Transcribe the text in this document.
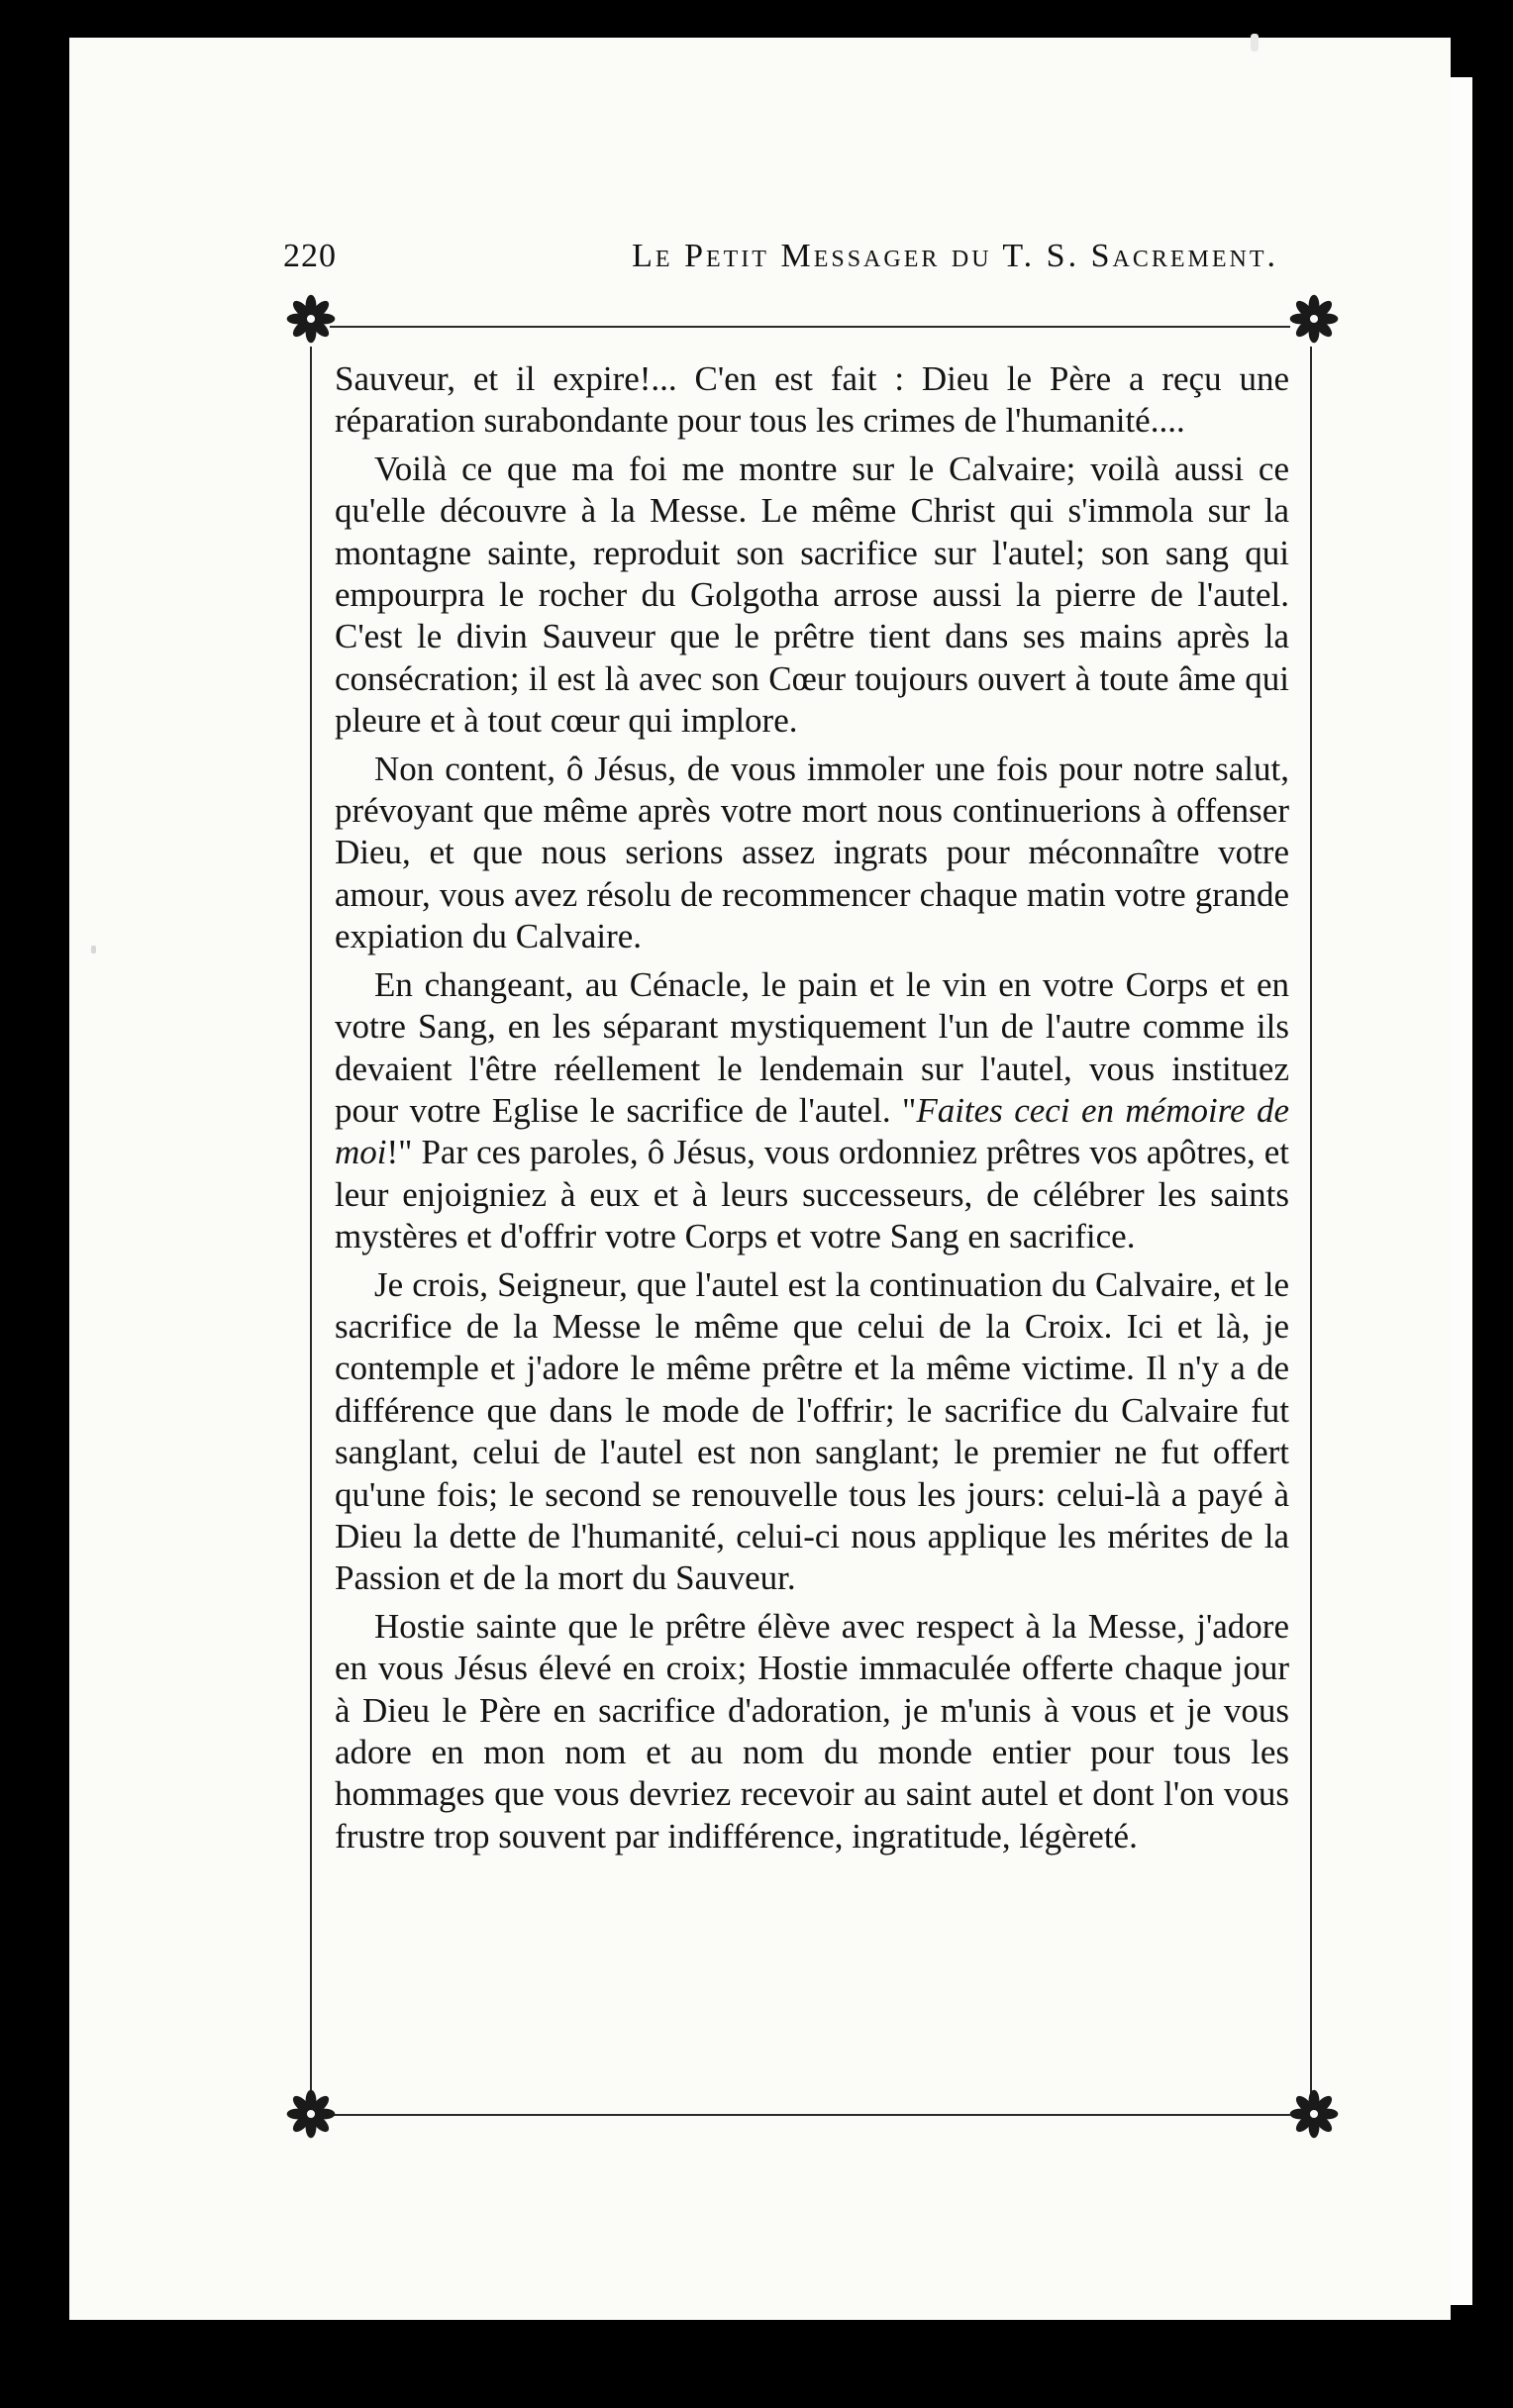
220	Le Petit Messager du T. S. Sacrement.

Sauveur, et il expire!... C'en est fait : Dieu le Père a reçu une réparation surabondante pour tous les crimes de l'humanité....

Voilà ce que ma foi me montre sur le Calvaire; voilà aussi ce qu'elle découvre à la Messe. Le même Christ qui s'immola sur la montagne sainte, reproduit son sacrifice sur l'autel; son sang qui empourpra le rocher du Golgotha arrose aussi la pierre de l'autel. C'est le divin Sauveur que le prêtre tient dans ses mains après la consécration; il est là avec son Cœur toujours ouvert à toute âme qui pleure et à tout cœur qui implore.

Non content, ô Jésus, de vous immoler une fois pour notre salut, prévoyant que même après votre mort nous continuerions à offenser Dieu, et que nous serions assez ingrats pour méconnaître votre amour, vous avez résolu de recommencer chaque matin votre grande expiation du Calvaire.

En changeant, au Cénacle, le pain et le vin en votre Corps et en votre Sang, en les séparant mystiquement l'un de l'autre comme ils devaient l'être réellement le lendemain sur l'autel, vous instituez pour votre Eglise le sacrifice de l'autel. "Faites ceci en mémoire de moi!" Par ces paroles, ô Jésus, vous ordonniez prêtres vos apôtres, et leur enjoigniez à eux et à leurs successeurs, de célébrer les saints mystères et d'offrir votre Corps et votre Sang en sacrifice.

Je crois, Seigneur, que l'autel est la continuation du Calvaire, et le sacrifice de la Messe le même que celui de la Croix. Ici et là, je contemple et j'adore le même prêtre et la même victime. Il n'y a de différence que dans le mode de l'offrir; le sacrifice du Calvaire fut sanglant, celui de l'autel est non sanglant; le premier ne fut offert qu'une fois; le second se renouvelle tous les jours: celui-là a payé à Dieu la dette de l'humanité, celui-ci nous applique les mérites de la Passion et de la mort du Sauveur.

Hostie sainte que le prêtre élève avec respect à la Messe, j'adore en vous Jésus élevé en croix; Hostie immaculée offerte chaque jour à Dieu le Père en sacrifice d'adoration, je m'unis à vous et je vous adore en mon nom et au nom du monde entier pour tous les hommages que vous devriez recevoir au saint autel et dont l'on vous frustre trop souvent par indifférence, ingratitude, légèreté.
